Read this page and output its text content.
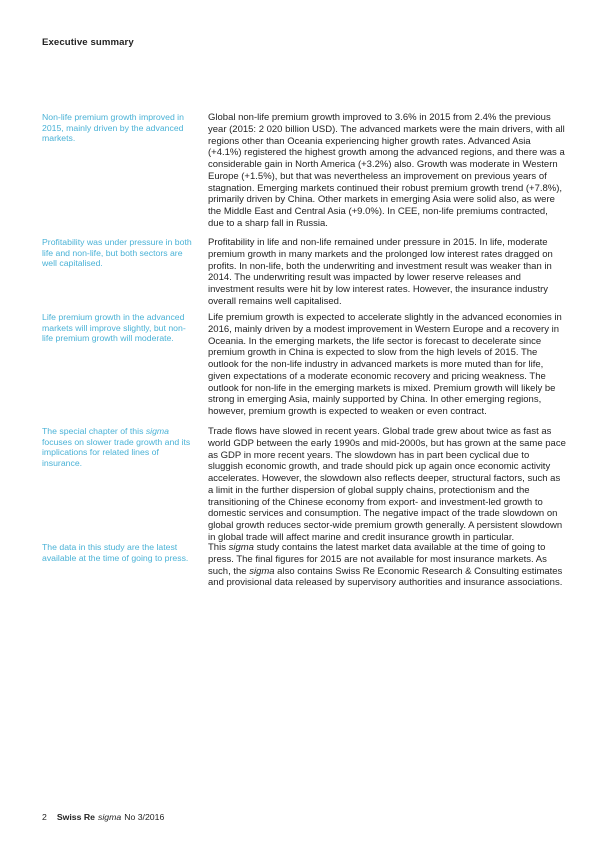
Executive summary
Non-life premium growth improved in 2015, mainly driven by the advanced markets.

Global non-life premium growth improved to 3.6% in 2015 from 2.4% the previous year (2015: 2 020 billion USD). The advanced markets were the main drivers, with all regions other than Oceania experiencing higher growth rates. Advanced Asia (+4.1%) registered the highest growth among the advanced regions, and there was a considerable gain in North America (+3.2%) also. Growth was moderate in Western Europe (+1.5%), but that was nevertheless an improvement on previous years of stagnation. Emerging markets continued their robust premium growth trend (+7.8%), primarily driven by China. Other markets in emerging Asia were solid also, as were the Middle East and Central Asia (+9.0%). In CEE, non-life premiums contracted, due to a sharp fall in Russia.

Profitability was under pressure in both life and non-life, but both sectors are well capitalised.

Profitability in life and non-life remained under pressure in 2015. In life, moderate premium growth in many markets and the prolonged low interest rates dragged on profits. In non-life, both the underwriting and investment result was weaker than in 2014. The underwriting result was impacted by lower reserve releases and investment results were hit by low interest rates. However, the insurance industry overall remains well capitalised.

Life premium growth in the advanced markets will improve slightly, but non-life premium growth will moderate.

Life premium growth is expected to accelerate slightly in the advanced economies in 2016, mainly driven by a modest improvement in Western Europe and a recovery in Oceania. In the emerging markets, the life sector is forecast to decelerate since premium growth in China is expected to slow from the high levels of 2015. The outlook for the non-life industry in advanced markets is more muted than for life, given expectations of a moderate economic recovery and pricing weakness. The outlook for non-life in the emerging markets is mixed. Premium growth will likely be strong in emerging Asia, mainly supported by China. In other emerging regions, however, premium growth is expected to weaken or even contract.

The special chapter of this sigma focuses on slower trade growth and its implications for related lines of insurance.

Trade flows have slowed in recent years. Global trade grew about twice as fast as world GDP between the early 1990s and mid-2000s, but has grown at the same pace as GDP in more recent years. The slowdown has in part been cyclical due to sluggish economic growth, and trade should pick up again once economic activity accelerates. However, the slowdown also reflects deeper, structural factors, such as a limit in the further dispersion of global supply chains, protectionism and the transitioning of the Chinese economy from export- and investment-led growth to domestic services and consumption. The negative impact of the trade slowdown on global growth reduces sector-wide premium growth generally. A persistent slowdown in global trade will affect marine and credit insurance growth in particular.

The data in this study are the latest available at the time of going to press.

This sigma study contains the latest market data available at the time of going to press. The final figures for 2015 are not available for most insurance markets. As such, the sigma also contains Swiss Re Economic Research & Consulting estimates and provisional data released by supervisory authorities and insurance associations.

2 Swiss Re sigma No 3/2016
